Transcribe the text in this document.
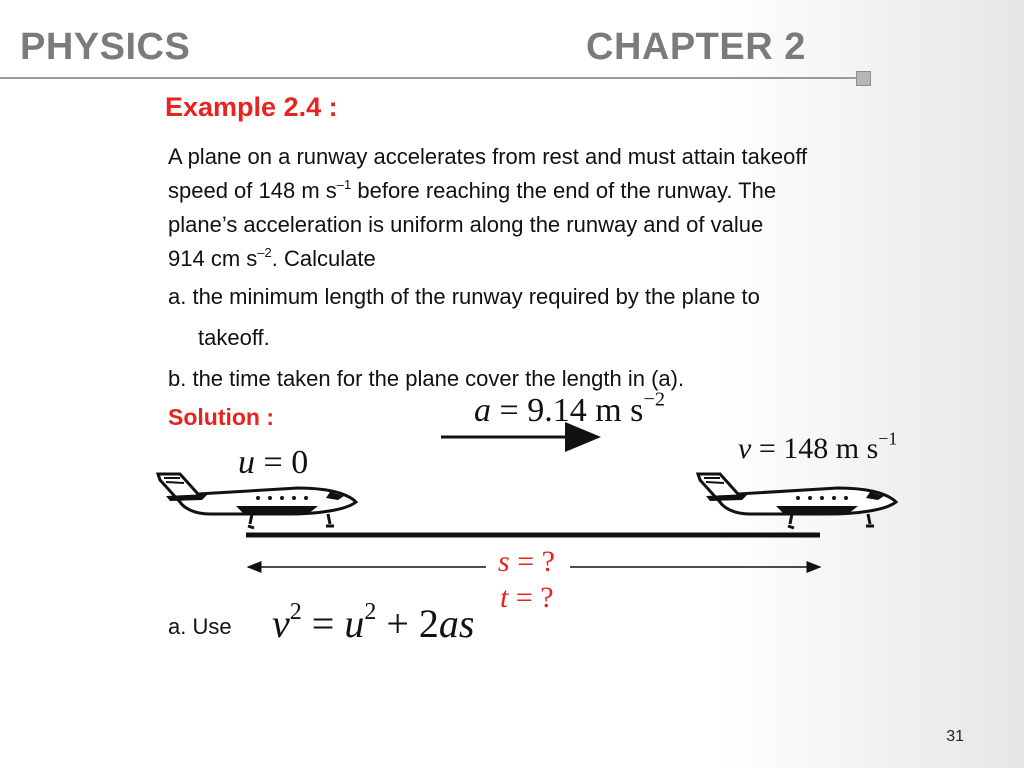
PHYSICS	CHAPTER 2
Example 2.4 :
A plane on a runway accelerates from rest and must attain takeoff
speed of 148 m $s^{-1}$ before reaching the end of the runway. The
plane’s acceleration is uniform along the runway and of value
914 cm $s^{-2}$. Calculate
a. the minimum length of the runway required by the plane to
takeoff.
b. the time taken for the plane cover the length in (a).
Solution :	a = 9.14 m $s^{-2}$
u = 0	v = 148 m $s^{-1}$
s = ?
t = ?
a. Use $v^2 = u^2 + 2as$
31
